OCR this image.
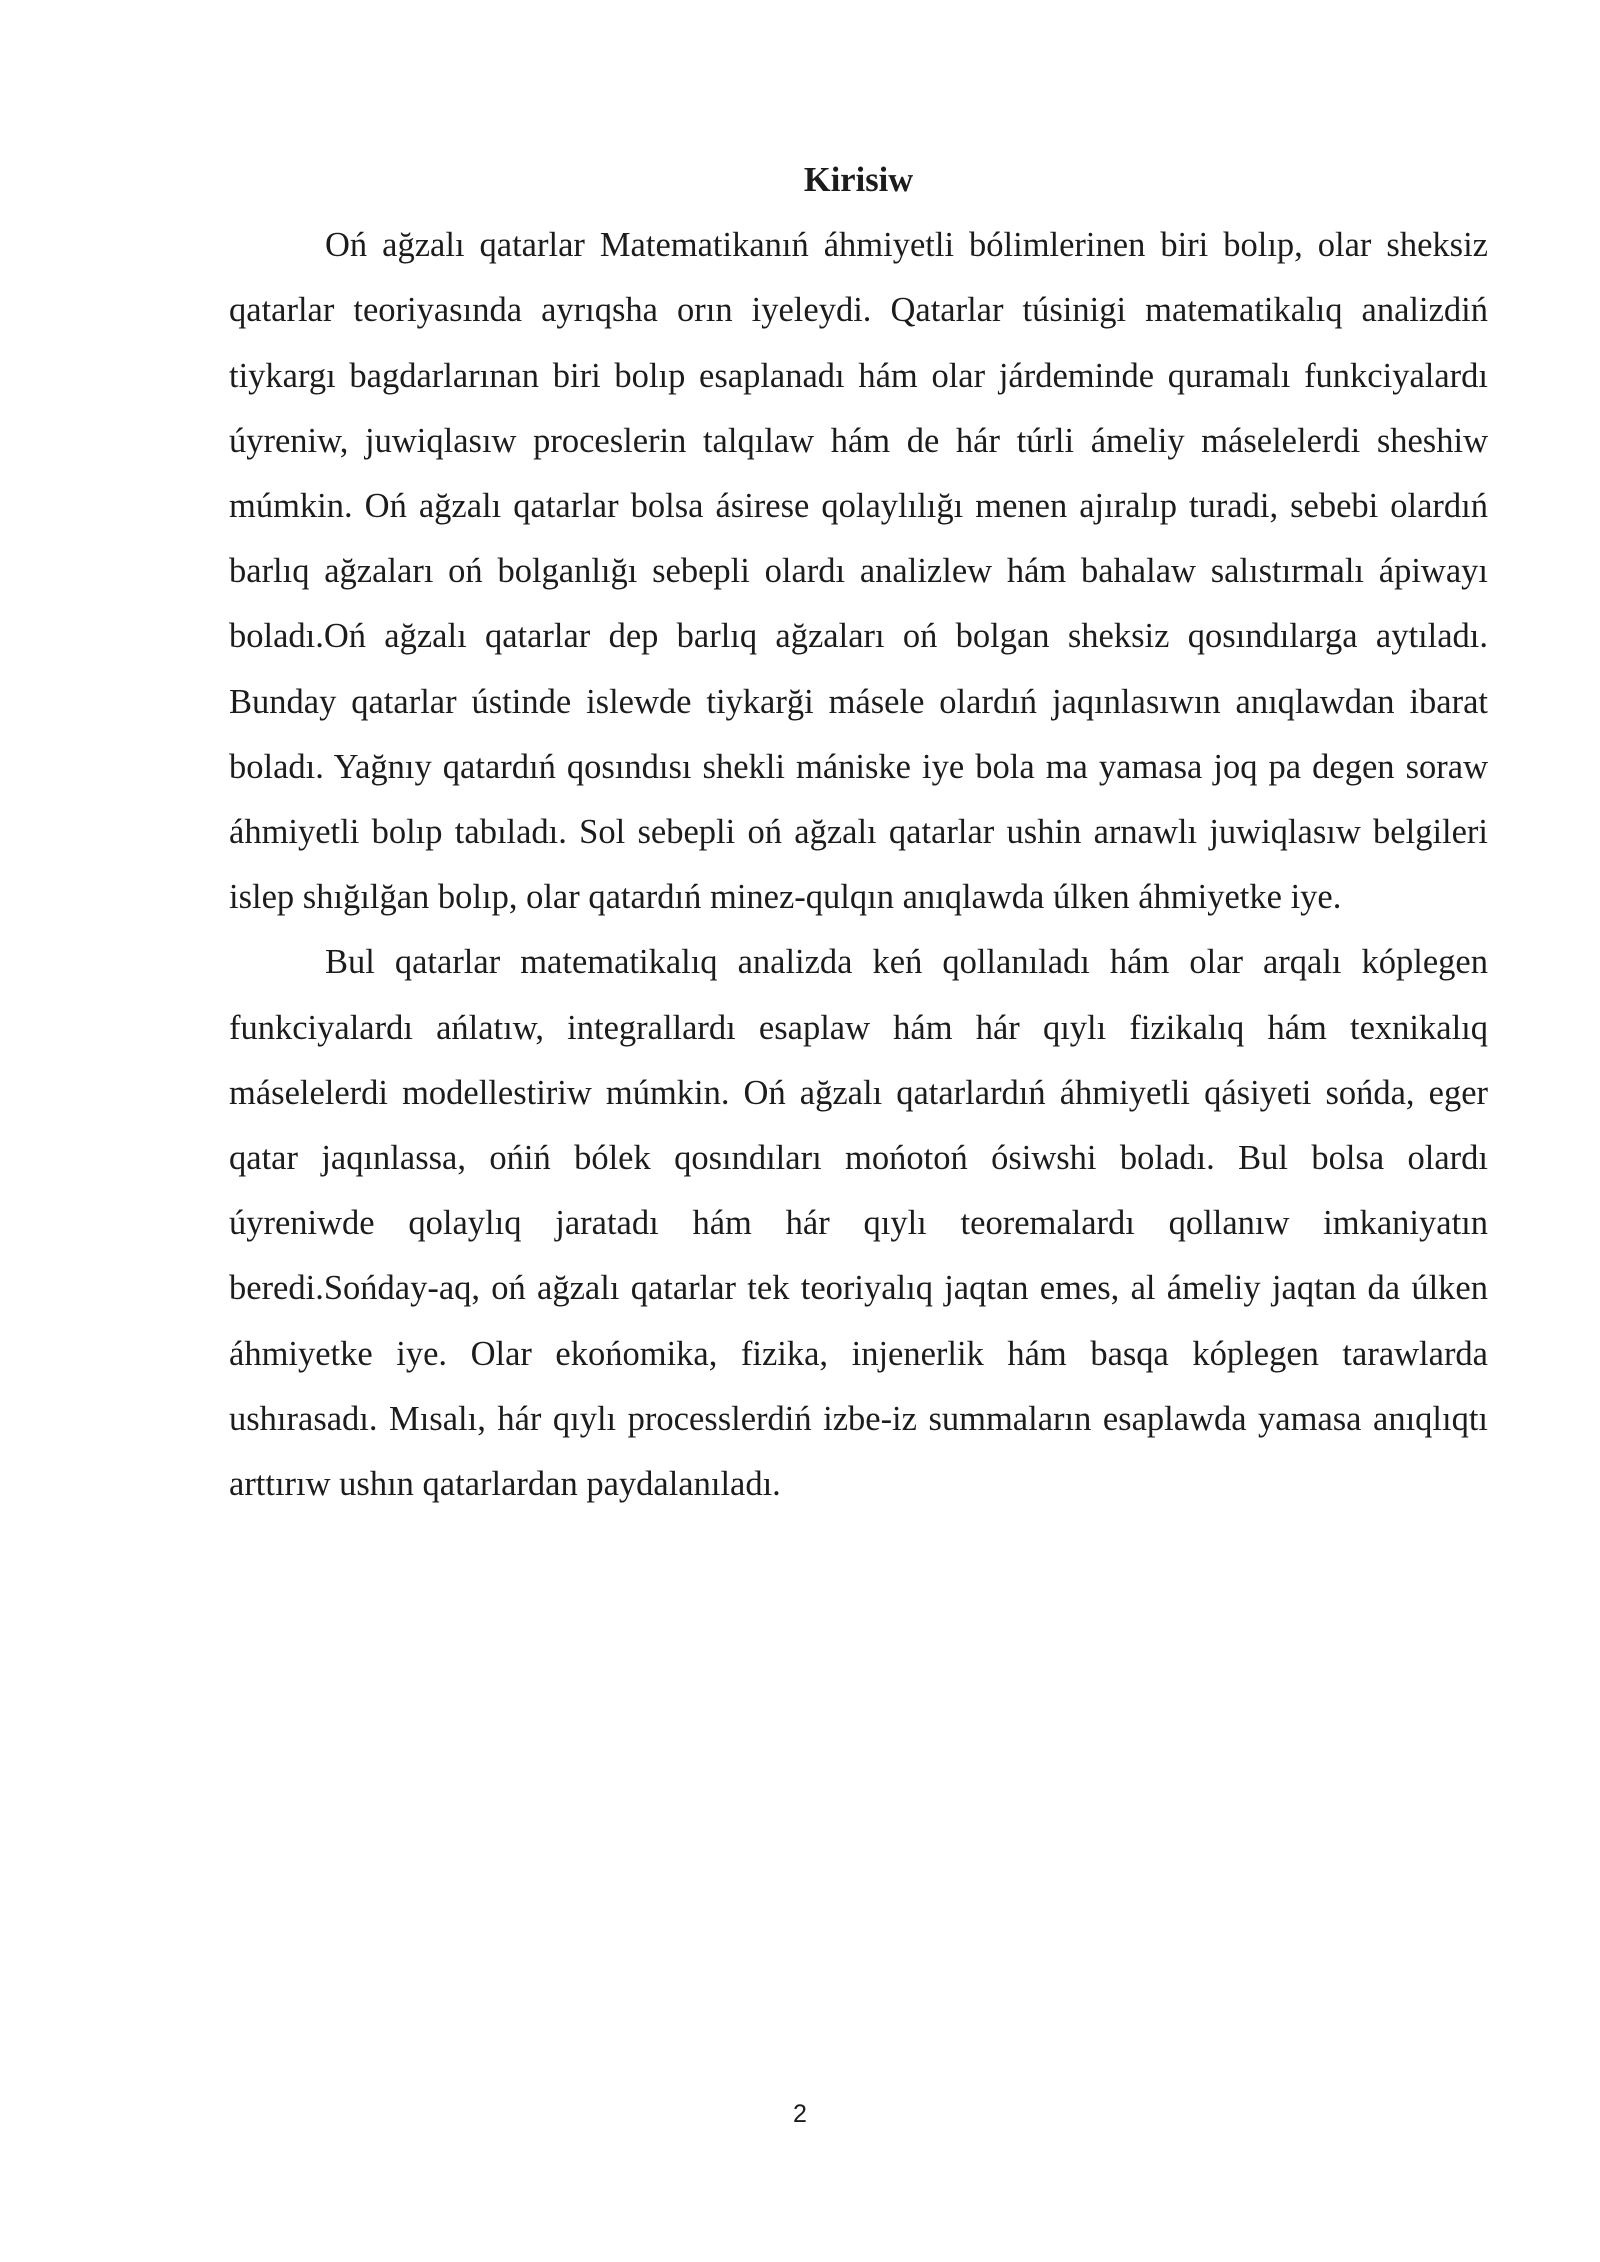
Kirisiw

Oń ağzalı qatarlar Matematikanıń áhmiyetli bólimlerinen biri bolıp, olar sheksiz qatarlar teoriyasında ayrıqsha orın iyeleydi. Qatarlar túsinigi matematikalıq analizdiń tiykargı bagdarlarınan biri bolıp esaplanadı hám olar járdeminde quramalı funkciyalardı úyreniw, juwiqlasıw proceslerin talqılaw hám de hár túrli ámeliy máselelerdi sheshiw múmkin. Oń ağzalı qatarlar bolsa ásirese qolaylılığı menen ajıralıp turadi, sebebi olardıń barlıq ağzaları oń bolganlığı sebepli olardı analizlew hám bahalaw salıstırmalı ápiwayı boladı.Oń ağzalı qatarlar dep barlıq ağzaları oń bolgan sheksiz qosındılarga aytıladı. Bunday qatarlar ústinde islewde tiykarği másele olardıń jaqınlasıwın anıqlawdan ibarat boladı. Yağnıy qatardıń qosındısı shekli mániske iye bola ma yamasa joq pa degen soraw áhmiyetli bolıp tabıladı. Sol sebepli oń ağzalı qatarlar ushin arnawlı juwiqlasıw belgileri islep shığılğan bolıp, olar qatardıń minez-qulqın anıqlawda úlken áhmiyetke iye.

Bul qatarlar matematikalıq analizda keń qollanıladı hám olar arqalı kóplegen funkciyalardı ańlatıw, integrallardı esaplaw hám hár qıylı fizikalıq hám texnikalıq máselelerdi modellestiriw múmkin. Oń ağzalı qatarlardıń áhmiyetli qásiyeti sońda, eger qatar jaqınlassa, ońiń bólek qosındıları mońotoń ósiwshi boladı. Bul bolsa olardı úyreniwde qolaylıq jaratadı hám hár qıylı teoremalardı qollanıw imkaniyatın beredi.Sońday-aq, oń ağzalı qatarlar tek teoriyalıq jaqtan emes, al ámeliy jaqtan da úlken áhmiyetke iye. Olar ekońomika, fizika, injenerlik hám basqa kóplegen tarawlarda ushırasadı. Mısalı, hár qıylı processlerdiń izbe-iz summaların esaplawda yamasa anıqlıqtı arttırıw ushın qatarlardan paydalanıladı.

2
